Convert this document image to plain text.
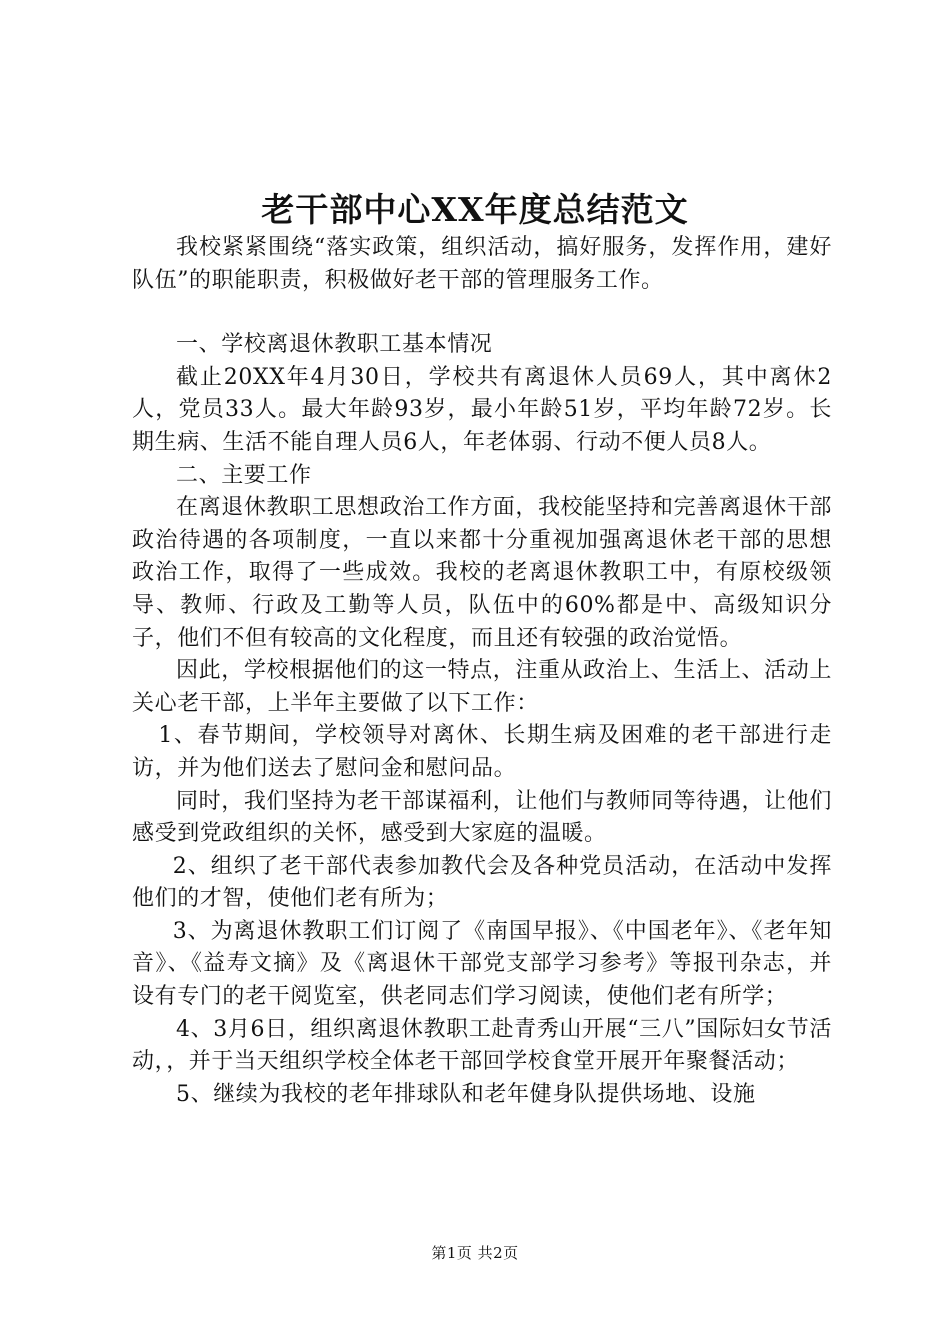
老干部中心XX年度总结范文

我校紧紧围绕“落实政策，组织活动，搞好服务，发挥作用，建好队伍”的职能职责，积极做好老干部的管理服务工作。

一、学校离退休教职工基本情况

截止20XX年4月30日，学校共有离退休人员69人，其中离休2人，党员33人。最大年龄93岁，最小年龄51岁，平均年龄72岁。长期生病、生活不能自理人员6人，年老体弱、行动不便人员8人。

二、主要工作

在离退休教职工思想政治工作方面，我校能坚持和完善离退休干部政治待遇的各项制度，一直以来都十分重视加强离退休老干部的思想政治工作，取得了一些成效。我校的老离退休教职工中，有原校级领导、教师、行政及工勤等人员，队伍中的60%都是中、高级知识分子，他们不但有较高的文化程度，而且还有较强的政治觉悟。

因此，学校根据他们的这一特点，注重从政治上、生活上、活动上关心老干部，上半年主要做了以下工作：

1、春节期间，学校领导对离休、长期生病及困难的老干部进行走访，并为他们送去了慰问金和慰问品。

同时，我们坚持为老干部谋福利，让他们与教师同等待遇，让他们感受到党政组织的关怀，感受到大家庭的温暖。

2、组织了老干部代表参加教代会及各种党员活动，在活动中发挥他们的才智，使他们老有所为；

3、为离退休教职工们订阅了《南国早报》、《中国老年》、《老年知音》、《益寿文摘》及《离退休干部党支部学习参考》等报刊杂志，并设有专门的老干阅览室，供老同志们学习阅读，使他们老有所学；

4、3月6日，组织离退休教职工赴青秀山开展“三八”国际妇女节活动，，并于当天组织学校全体老干部回学校食堂开展开年聚餐活动；

5、继续为我校的老年排球队和老年健身队提供场地、设施

第1页 共2页
